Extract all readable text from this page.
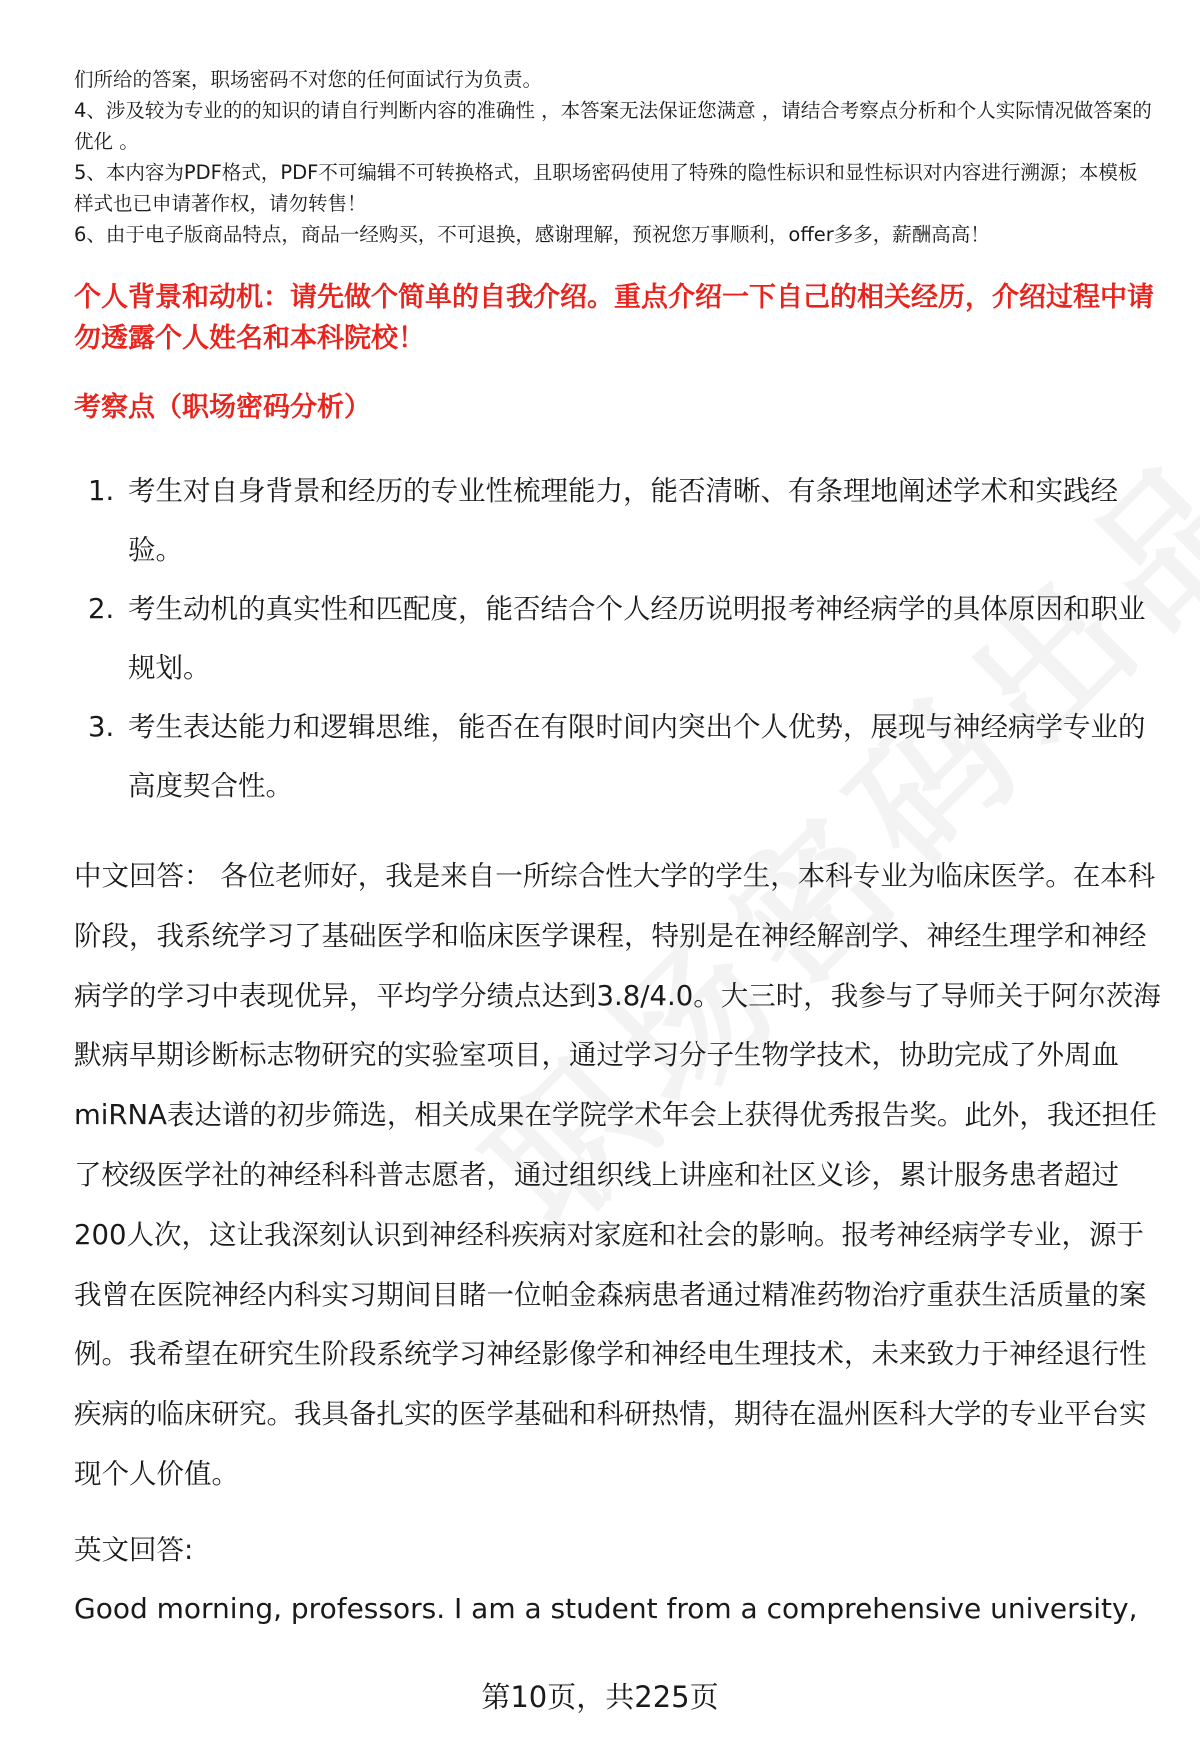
们所给的答案，职场密码不对您的任何面试行为负责。

4、涉及较为专业的的知识的请自行判断内容的准确性 ，本答案无法保证您满意 ，请结合考察点分析和个人实际情况做答案的优化 。

5、本内容为PDF格式，PDF不可编辑不可转换格式，且职场密码使用了特殊的隐性标识和显性标识对内容进行溯源；本模板样式也已申请著作权，请勿转售！

6、由于电子版商品特点，商品一经购买，不可退换，感谢理解，预祝您万事顺利，offer多多，薪酬高高！

个人背景和动机：请先做个简单的自我介绍。重点介绍一下自己的相关经历，介绍过程中请勿透露个人姓名和本科院校！

考察点（职场密码分析）

1. 考生对自身背景和经历的专业性梳理能力，能否清晰、有条理地阐述学术和实践经验。
2. 考生动机的真实性和匹配度，能否结合个人经历说明报考神经病学的具体原因和职业规划。
3. 考生表达能力和逻辑思维，能否在有限时间内突出个人优势，展现与神经病学专业的高度契合性。

中文回答： 各位老师好，我是来自一所综合性大学的学生，本科专业为临床医学。在本科阶段，我系统学习了基础医学和临床医学课程，特别是在神经解剖学、神经生理学和神经病学的学习中表现优异，平均学分绩点达到3.8/4.0。大三时，我参与了导师关于阿尔茨海默病早期诊断标志物研究的实验室项目，通过学习分子生物学技术，协助完成了外周血miRNA表达谱的初步筛选，相关成果在学院学术年会上获得优秀报告奖。此外，我还担任了校级医学社的神经科科普志愿者，通过组织线上讲座和社区义诊，累计服务患者超过200人次，这让我深刻认识到神经科疾病对家庭和社会的影响。报考神经病学专业，源于我曾在医院神经内科实习期间目睹一位帕金森病患者通过精准药物治疗重获生活质量的案例。我希望在研究生阶段系统学习神经影像学和神经电生理技术，未来致力于神经退行性疾病的临床研究。我具备扎实的医学基础和科研热情，期待在温州医科大学的专业平台实现个人价值。

英文回答:

Good morning, professors. I am a student from a comprehensive university,

第10页，共225页
